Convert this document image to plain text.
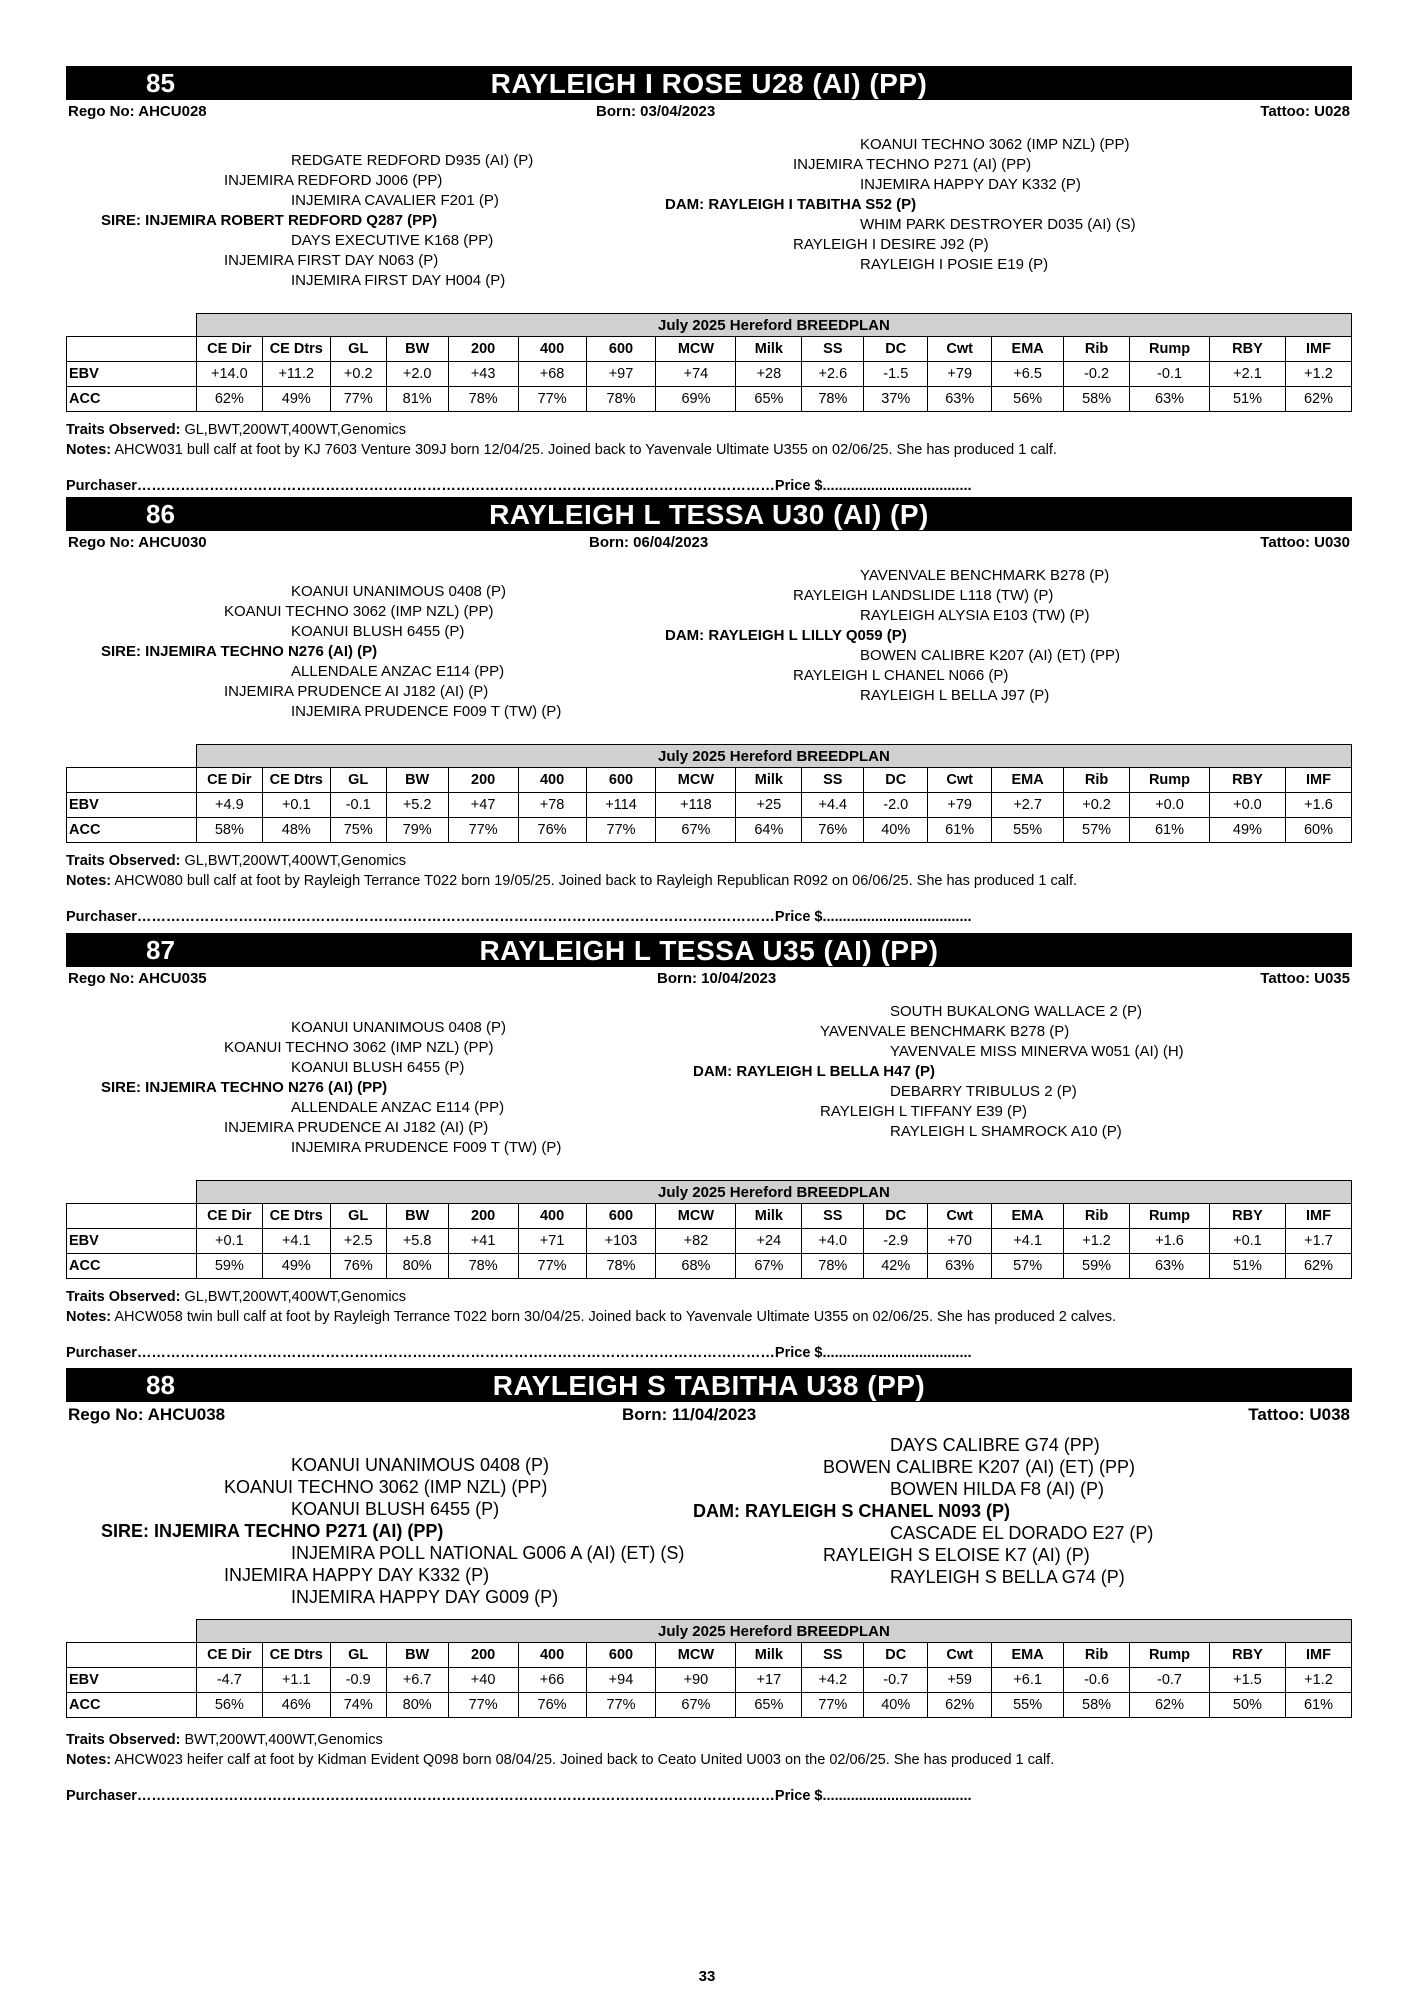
85	RAYLEIGH I ROSE U28 (AI) (PP)
Rego No: AHCU028	Born: 03/04/2023	Tattoo: U028
REDGATE REDFORD D935 (AI) (P)
INJEMIRA REDFORD J006 (PP)
INJEMIRA CAVALIER F201 (P)
SIRE: INJEMIRA ROBERT REDFORD Q287 (PP)
DAYS EXECUTIVE K168 (PP)
INJEMIRA FIRST DAY N063 (P)
INJEMIRA FIRST DAY H004 (P)
KOANUI TECHNO 3062 (IMP NZL) (PP)
INJEMIRA TECHNO P271 (AI) (PP)
INJEMIRA HAPPY DAY K332 (P)
DAM: RAYLEIGH I TABITHA S52 (P)
WHIM PARK DESTROYER D035 (AI) (S)
RAYLEIGH I DESIRE J92 (P)
RAYLEIGH I POSIE E19 (P)
	July 2025 Hereford BREEDPLAN																
	CE Dir	CE Dtrs	GL	BW	200	400	600	MCW	Milk	SS	DC	Cwt	EMA	Rib	Rump	RBY	IMF
EBV	+14.0	+11.2	+0.2	+2.0	+43	+68	+97	+74	+28	+2.6	-1.5	+79	+6.5	-0.2	-0.1	+2.1	+1.2
ACC	62%	49%	77%	81%	78%	77%	78%	69%	65%	78%	37%	63%	56%	58%	63%	51%	62%
Traits Observed: GL,BWT,200WT,400WT,Genomics
Notes: AHCW031 bull calf at foot by KJ 7603 Venture 309J born 12/04/25. Joined back to Yavenvale Ultimate U355 on 02/06/25. She has produced 1 calf.
Purchaser……………………………………………………………………………………………………………………Price $.....................................
86	RAYLEIGH L TESSA U30 (AI) (P)
Rego No: AHCU030	Born: 06/04/2023	Tattoo: U030
KOANUI UNANIMOUS 0408 (P)
KOANUI TECHNO 3062 (IMP NZL) (PP)
KOANUI BLUSH 6455 (P)
SIRE: INJEMIRA TECHNO N276 (AI) (P)
ALLENDALE ANZAC E114 (PP)
INJEMIRA PRUDENCE AI J182 (AI) (P)
INJEMIRA PRUDENCE F009 T (TW) (P)
YAVENVALE BENCHMARK B278 (P)
RAYLEIGH LANDSLIDE L118 (TW) (P)
RAYLEIGH ALYSIA E103 (TW) (P)
DAM: RAYLEIGH L LILLY Q059 (P)
BOWEN CALIBRE K207 (AI) (ET) (PP)
RAYLEIGH L CHANEL N066 (P)
RAYLEIGH L BELLA J97 (P)
	July 2025 Hereford BREEDPLAN																
	CE Dir	CE Dtrs	GL	BW	200	400	600	MCW	Milk	SS	DC	Cwt	EMA	Rib	Rump	RBY	IMF
EBV	+4.9	+0.1	-0.1	+5.2	+47	+78	+114	+118	+25	+4.4	-2.0	+79	+2.7	+0.2	+0.0	+0.0	+1.6
ACC	58%	48%	75%	79%	77%	76%	77%	67%	64%	76%	40%	61%	55%	57%	61%	49%	60%
Traits Observed: GL,BWT,200WT,400WT,Genomics
Notes: AHCW080 bull calf at foot by Rayleigh Terrance T022 born 19/05/25. Joined back to Rayleigh Republican R092 on 06/06/25. She has produced 1 calf.
Purchaser……………………………………………………………………………………………………………………Price $.....................................
87	RAYLEIGH L TESSA U35 (AI) (PP)
Rego No: AHCU035	Born: 10/04/2023	Tattoo: U035
KOANUI UNANIMOUS 0408 (P)
KOANUI TECHNO 3062 (IMP NZL) (PP)
KOANUI BLUSH 6455 (P)
SIRE: INJEMIRA TECHNO N276 (AI) (PP)
ALLENDALE ANZAC E114 (PP)
INJEMIRA PRUDENCE AI J182 (AI) (P)
INJEMIRA PRUDENCE F009 T (TW) (P)
SOUTH BUKALONG WALLACE 2 (P)
YAVENVALE BENCHMARK B278 (P)
YAVENVALE MISS MINERVA W051 (AI) (H)
DAM: RAYLEIGH L BELLA H47 (P)
DEBARRY TRIBULUS 2 (P)
RAYLEIGH L TIFFANY E39 (P)
RAYLEIGH L SHAMROCK A10 (P)
	July 2025 Hereford BREEDPLAN																
	CE Dir	CE Dtrs	GL	BW	200	400	600	MCW	Milk	SS	DC	Cwt	EMA	Rib	Rump	RBY	IMF
EBV	+0.1	+4.1	+2.5	+5.8	+41	+71	+103	+82	+24	+4.0	-2.9	+70	+4.1	+1.2	+1.6	+0.1	+1.7
ACC	59%	49%	76%	80%	78%	77%	78%	68%	67%	78%	42%	63%	57%	59%	63%	51%	62%
Traits Observed: GL,BWT,200WT,400WT,Genomics
Notes: AHCW058 twin bull calf at foot by Rayleigh Terrance T022 born 30/04/25. Joined back to Yavenvale Ultimate U355 on 02/06/25. She has produced 2 calves.
Purchaser……………………………………………………………………………………………………………………Price $.....................................
88	RAYLEIGH S TABITHA U38 (PP)
Rego No: AHCU038	Born: 11/04/2023	Tattoo: U038
KOANUI UNANIMOUS 0408 (P)
KOANUI TECHNO 3062 (IMP NZL) (PP)
KOANUI BLUSH 6455 (P)
SIRE: INJEMIRA TECHNO P271 (AI) (PP)
INJEMIRA POLL NATIONAL G006 A (AI) (ET) (S)
INJEMIRA HAPPY DAY K332 (P)
INJEMIRA HAPPY DAY G009 (P)
DAYS CALIBRE G74 (PP)
BOWEN CALIBRE K207 (AI) (ET) (PP)
BOWEN HILDA F8 (AI) (P)
DAM: RAYLEIGH S CHANEL N093 (P)
CASCADE EL DORADO E27 (P)
RAYLEIGH S ELOISE K7 (AI) (P)
RAYLEIGH S BELLA G74 (P)
	July 2025 Hereford BREEDPLAN																
	CE Dir	CE Dtrs	GL	BW	200	400	600	MCW	Milk	SS	DC	Cwt	EMA	Rib	Rump	RBY	IMF
EBV	-4.7	+1.1	-0.9	+6.7	+40	+66	+94	+90	+17	+4.2	-0.7	+59	+6.1	-0.6	-0.7	+1.5	+1.2
ACC	56%	46%	74%	80%	77%	76%	77%	67%	65%	77%	40%	62%	55%	58%	62%	50%	61%
Traits Observed: BWT,200WT,400WT,Genomics
Notes: AHCW023 heifer calf at foot by Kidman Evident Q098 born 08/04/25. Joined back to Ceato United U003 on the 02/06/25. She has produced 1 calf.
Purchaser……………………………………………………………………………………………………………………Price $.....................................
33
